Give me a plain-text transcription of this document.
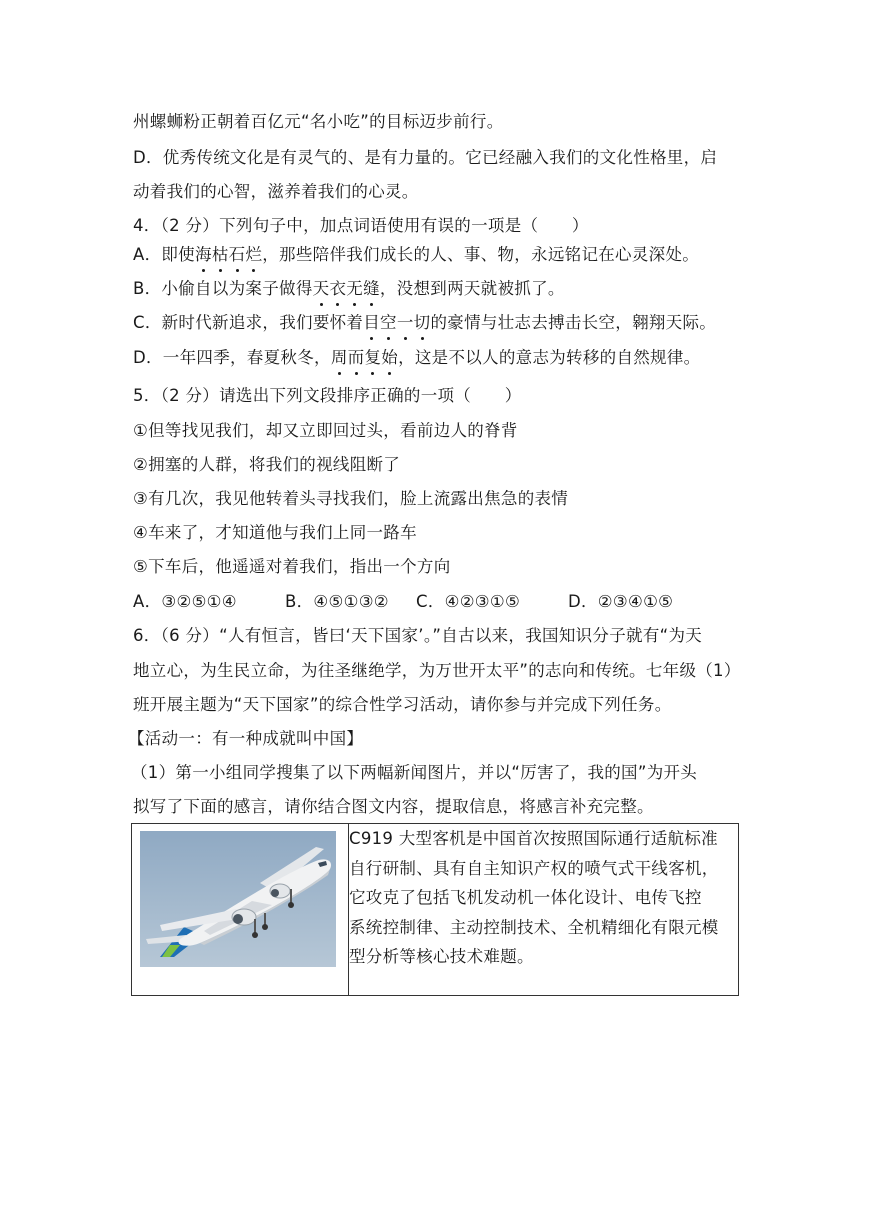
州螺蛳粉正朝着百亿元“名小吃”的目标迈步前行。
D．优秀传统文化是有灵气的、是有力量的。它已经融入我们的文化性格里，启
动着我们的心智，滋养着我们的心灵。
4．（2 分）下列句子中，加点词语使用有误的一项是（　　）
A．即使海枯石烂，那些陪伴我们成长的人、事、物，永远铭记在心灵深处。
B．小偷自以为案子做得天衣无缝，没想到两天就被抓了。
C．新时代新追求，我们要怀着目空一切的豪情与壮志去搏击长空，翱翔天际。
D．一年四季，春夏秋冬，周而复始，这是不以人的意志为转移的自然规律。
5．（2 分）请选出下列文段排序正确的一项（　　）
①但等找见我们，却又立即回过头，看前边人的脊背
②拥塞的人群，将我们的视线阻断了
③有几次，我见他转着头寻找我们，脸上流露出焦急的表情
④车来了，才知道他与我们上同一路车
⑤下车后，他遥遥对着我们，指出一个方向
A．③②⑤①④	B．④⑤①③②	C．④②③①⑤	D．②③④①⑤
6．（6 分）“人有恒言，皆曰‘天下国家’。”自古以来，我国知识分子就有“为天
地立心，为生民立命，为往圣继绝学，为万世开太平”的志向和传统。七年级（1）
班开展主题为“天下国家”的综合性学习活动，请你参与并完成下列任务。
【活动一：有一种成就叫中国】
（1）第一小组同学搜集了以下两幅新闻图片，并以“厉害了，我的国”为开头
拟写了下面的感言，请你结合图文内容，提取信息，将感言补充完整。

C919 大型客机是中国首次按照国际通行适航标准
自行研制、具有自主知识产权的喷气式干线客机，
它攻克了包括飞机发动机一体化设计、电传飞控
系统控制律、主动控制技术、全机精细化有限元模
型分析等核心技术难题。
